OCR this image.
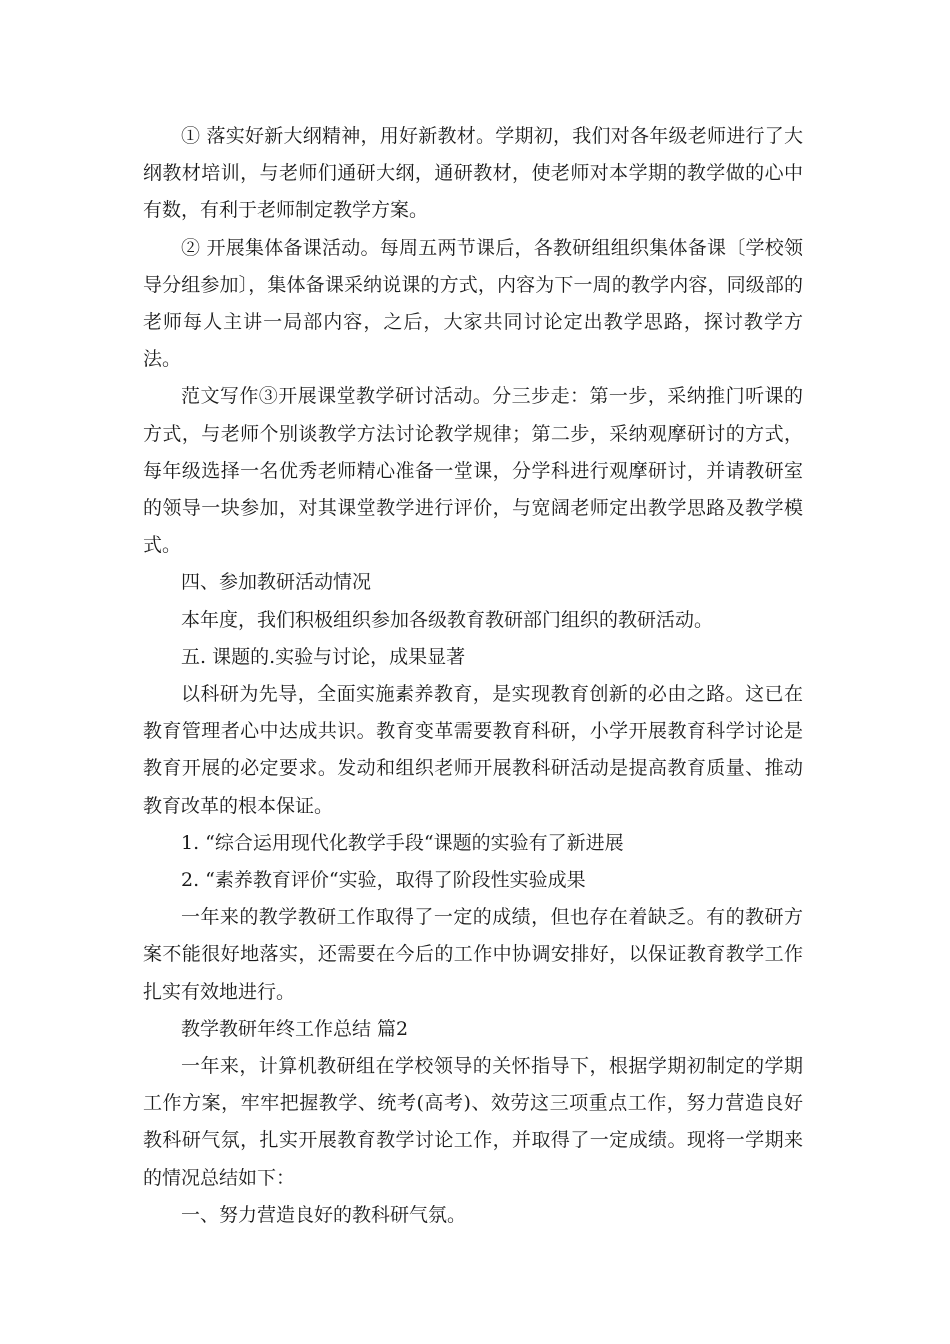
① 落实好新大纲精神，用好新教材。学期初，我们对各年级老师进行了大纲教材培训，与老师们通研大纲，通研教材，使老师对本学期的教学做的心中有数，有利于老师制定教学方案。

② 开展集体备课活动。每周五两节课后，各教研组组织集体备课〔学校领导分组参加〕，集体备课采纳说课的方式，内容为下一周的教学内容，同级部的老师每人主讲一局部内容，之后，大家共同讨论定出教学思路，探讨教学方法。

范文写作③开展课堂教学研讨活动。分三步走：第一步，采纳推门听课的方式，与老师个别谈教学方法讨论教学规律；第二步，采纳观摩研讨的方式，每年级选择一名优秀老师精心准备一堂课，分学科进行观摩研讨，并请教研室的领导一块参加，对其课堂教学进行评价，与宽阔老师定出教学思路及教学模式。

四、参加教研活动情况

本年度，我们积极组织参加各级教育教研部门组织的教研活动。

五. 课题的.实验与讨论，成果显著

以科研为先导，全面实施素养教育，是实现教育创新的必由之路。这已在教育管理者心中达成共识。教育变革需要教育科研，小学开展教育科学讨论是教育开展的必定要求。发动和组织老师开展教科研活动是提高教育质量、推动教育改革的根本保证。

1. “综合运用现代化教学手段“课题的实验有了新进展

2. “素养教育评价“实验，取得了阶段性实验成果

一年来的教学教研工作取得了一定的成绩，但也存在着缺乏。有的教研方案不能很好地落实，还需要在今后的工作中协调安排好，以保证教育教学工作扎实有效地进行。

教学教研年终工作总结 篇2

一年来，计算机教研组在学校领导的关怀指导下，根据学期初制定的学期工作方案，牢牢把握教学、统考(高考)、效劳这三项重点工作，努力营造良好教科研气氛，扎实开展教育教学讨论工作，并取得了一定成绩。现将一学期来的情况总结如下：

一、努力营造良好的教科研气氛。
